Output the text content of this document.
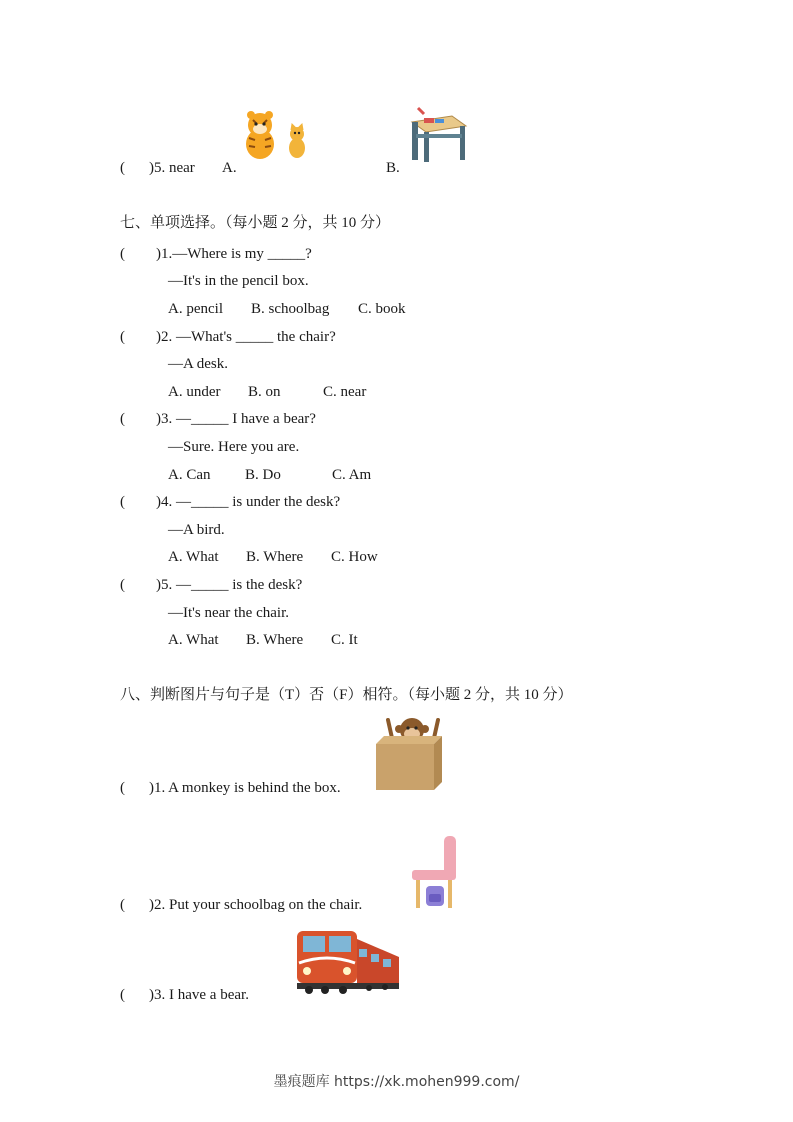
( )5. near A.	B.
七、单项选择。（每小题 2 分，共 10 分）
( )1.—Where is my _____?
—It's in the pencil box.
A. pencil B. schoolbag C. book
( )2. —What's _____ the chair?
—A desk.
A. under B. on	C. near
( )3. —_____ I have a bear?
—Sure. Here you are.
A. Can B. Do	C. Am
( )4. —_____ is under the desk?
—A bird.
A. What B. Where C. How
( )5. —_____ is the desk?
—It's near the chair.
A. What B. Where C. It
八、判断图片与句子是（T）否（F）相符。（每小题 2 分，共 10 分）
( )1. A monkey is behind the box.
( )2. Put your schoolbag on the chair.
( )3. I have a bear.
墨痕题库 https://xk.mohen999.com/
